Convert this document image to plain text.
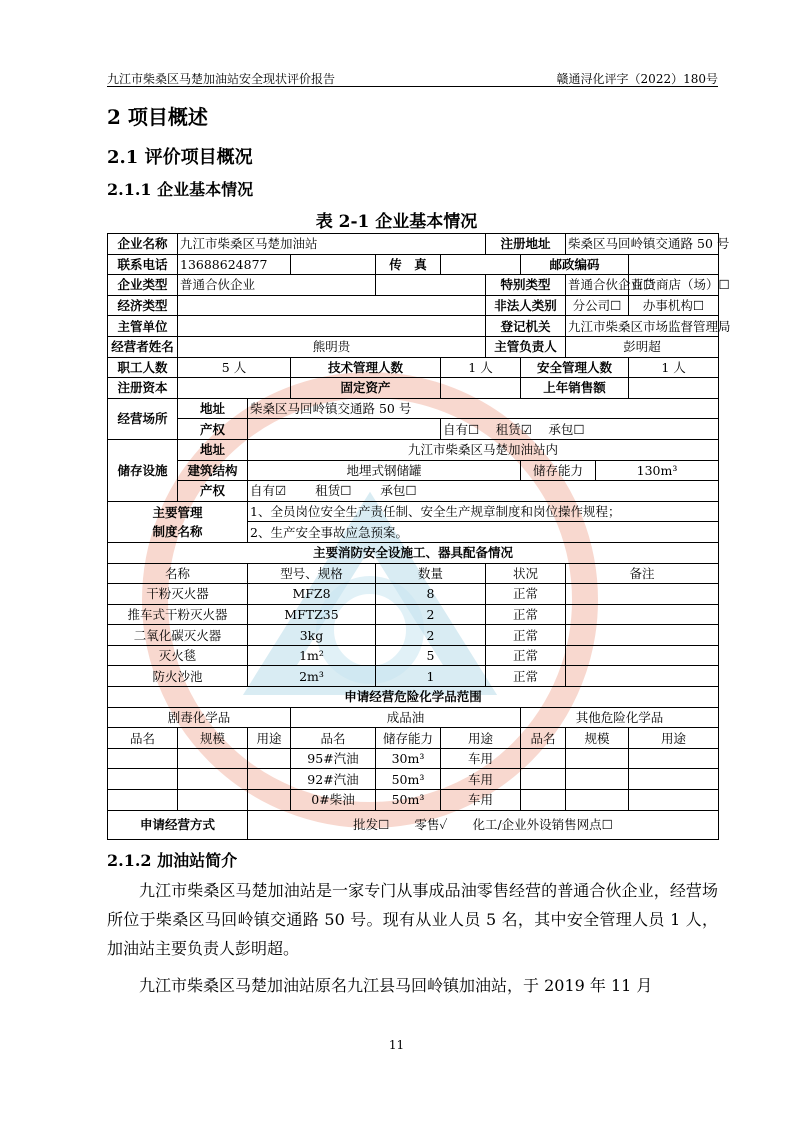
九江市柴桑区马楚加油站安全现状评价报告	赣通浔化评字（2022）180号
2 项目概述
2.1 评价项目概况
2.1.1 企业基本情况
表 2-1 企业基本情况
企业名称	九江市柴桑区马楚加油站					注册地址		柴桑区马回岭镇交通路 50 号		
联系电话	13688624877			传　真			邮政编码			
企业类型	普通合伙企业					特别类型		普通合伙企业☐		百货商店（场）☐
经济类型						非法人类别		分公司☐		办事机构☐
主管单位						登记机关		九江市柴桑区市场监督管理局		
经营者姓名	熊明贵					主管负责人		彭明超		
职工人数	5 人		技术管理人数		1 人		安全管理人数			1 人
注册资本			固定资产				上年销售额			
经营场所	地址	柴桑区马回岭镇交通路 50 号								
	产权				自有☐　 租赁☑　 承包☐					
储存设施	地址	九江市柴桑区马楚加油站内								
	建筑结构	地埋式钢储罐					储存能力		130m³	
	产权	自有☑　　 租赁☐　　 承包☐								

主要管理
制度名称		1、全员岗位安全生产责任制、安全生产规章制度和岗位操作规程；								
		2、生产安全事故应急预案。								
主要消防安全设施工、器具配备情况										
名称		型号、规格		数量		状况		备注		
干粉灭火器		MFZ8		8		正常				
推车式干粉灭火器		MFTZ35		2		正常				
二氧化碳灭火器		3kg		2		正常				
灭火毯		1m²		5		正常				
防火沙池		2m³		1		正常				
申请经营危险化学品范围										
剧毒化学品			成品油				其他危险化学品			
品名	规模	用途	品名	储存能力	用途		品名	规模		用途
			95#汽油	30m³	车用					
			92#汽油	50m³	车用					
			0#柴油	50m³	车用					
申请经营方式		批发☐　　零售✓　　化工/企业外设销售网点☐								
2.1.2 加油站简介
九江市柴桑区马楚加油站是一家专门从事成品油零售经营的普通合伙企业，经营场所位于柴桑区马回岭镇交通路 50 号。现有从业人员 5 名，其中安全管理人员 1 人，加油站主要负责人彭明超。
九江市柴桑区马楚加油站原名九江县马回岭镇加油站，于 2019 年 11 月
11
